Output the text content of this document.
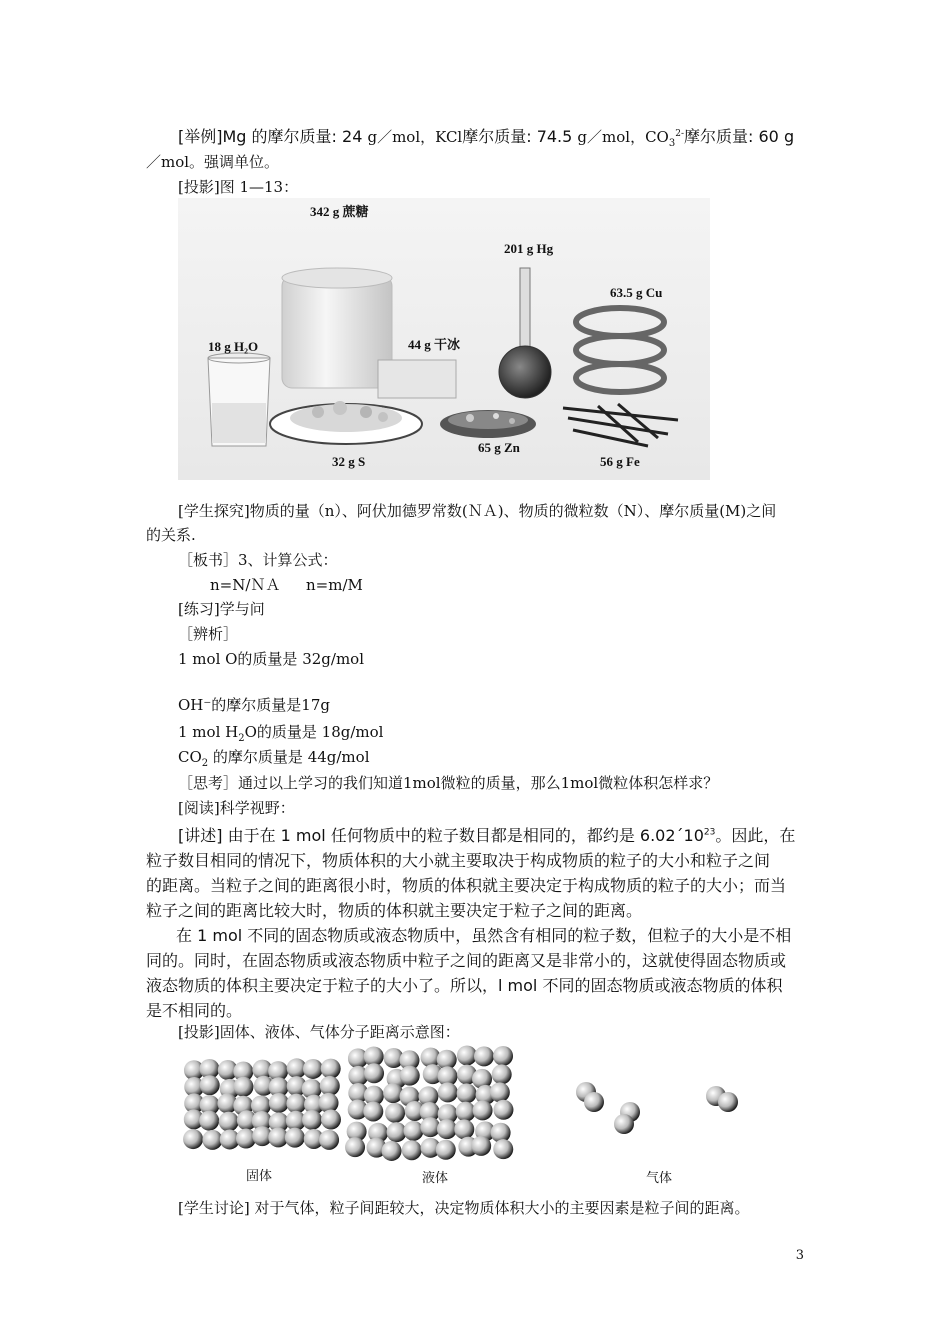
[举例]Mg 的摩尔质量: 24 g／mol，KCl摩尔质量: 74.5 g／mol，$CO_3^{2-}$摩尔质量: 60 g
／mol。强调单位。
[投影]图 1—13：
342 g 蔗糖
201 g Hg
63.5 g Cu
18 g H₂O	44 g 干冰
32 g S
65 g Zn
56 g Fe
[学生探究]物质的量（n）、阿伏加德罗常数(ＮＡ)、物质的微粒数（N）、摩尔质量(M)之间
的关系.
［板书］3、计算公式：
n=N/ＮＡ n=m/M
[练习]学与问
［辨析］
1 mol O的质量是 32g/mol
OH⁻的摩尔质量是17g
1 mol $H_2O$的质量是 18g/mol
$CO_2$ 的摩尔质量是 44g/mol
［思考］通过以上学习的我们知道1mol微粒的质量，那么1mol微粒体积怎样求？
[阅读]科学视野：
[讲述] 由于在 1 mol 任何物质中的粒子数目都是相同的，都约是 $6.02´10^{23}$。因此，在
粒子数目相同的情况下，物质体积的大小就主要取决于构成物质的粒子的大小和粒子之间
的距离。当粒子之间的距离很小时，物质的体积就主要决定于构成物质的粒子的大小；而当
粒子之间的距离比较大时，物质的体积就主要决定于粒子之间的距离。
在 1 mol 不同的固态物质或液态物质中，虽然含有相同的粒子数，但粒子的大小是不相
同的。同时，在固态物质或液态物质中粒子之间的距离又是非常小的，这就使得固态物质或
液态物质的体积主要决定于粒子的大小了。所以，l mol 不同的固态物质或液态物质的体积
是不相同的。
[投影]固体、液体、气体分子距离示意图：
固体	液体	气体
[学生讨论] 对于气体，粒子间距较大，决定物质体积大小的主要因素是粒子间的距离。
3
